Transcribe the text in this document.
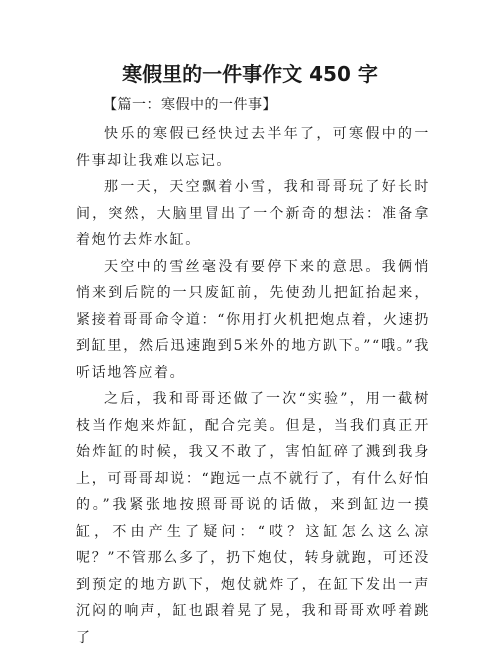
寒假里的一件事作文 450 字

【篇一：寒假中的一件事】

快乐的寒假已经快过去半年了，可寒假中的一件事却让我难以忘记。

那一天，天空飘着小雪，我和哥哥玩了好长时间，突然，大脑里冒出了一个新奇的想法：准备拿着炮竹去炸水缸。

天空中的雪丝毫没有要停下来的意思。我俩悄悄来到后院的一只废缸前，先使劲儿把缸抬起来，紧接着哥哥命令道：“你用打火机把炮点着，火速扔到缸里，然后迅速跑到5米外的地方趴下。”“哦。”我听话地答应着。

之后，我和哥哥还做了一次“实验”，用一截树枝当作炮来炸缸，配合完美。但是，当我们真正开始炸缸的时候，我又不敢了，害怕缸碎了溅到我身上，可哥哥却说：“跑远一点不就行了，有什么好怕的。”我紧张地按照哥哥说的话做，来到缸边一摸缸，不由产生了疑问：“哎？这缸怎么这么凉呢？”不管那么多了，扔下炮仗，转身就跑，可还没到预定的地方趴下，炮仗就炸了，在缸下发出一声沉闷的响声，缸也跟着晃了晃，我和哥哥欢呼着跳了
